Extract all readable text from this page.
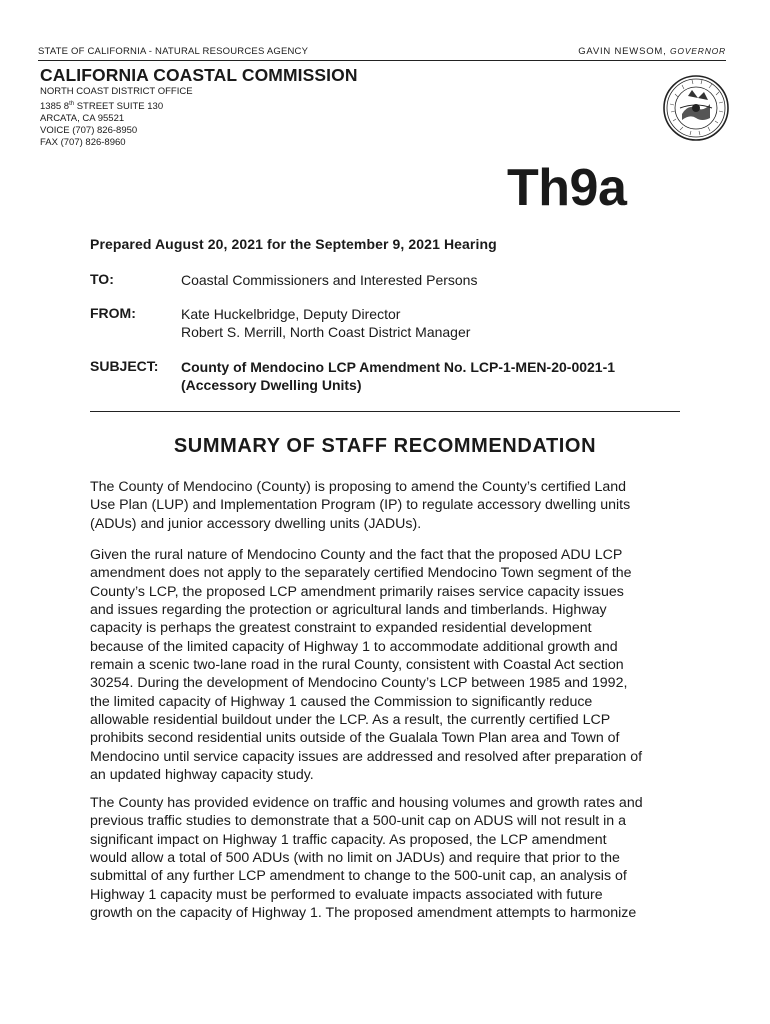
STATE OF CALIFORNIA - NATURAL RESOURCES AGENCY	GAVIN NEWSOM, GOVERNOR
CALIFORNIA COASTAL COMMISSION
NORTH COAST DISTRICT OFFICE
1385 8th STREET SUITE 130
ARCATA, CA 95521
VOICE (707) 826-8950
FAX (707) 826-8960
Th9a
Prepared August 20, 2021 for the September 9, 2021 Hearing
TO:	Coastal Commissioners and Interested Persons
FROM:	Kate Huckelbridge, Deputy Director
Robert S. Merrill, North Coast District Manager
SUBJECT: County of Mendocino LCP Amendment No. LCP-1-MEN-20-0021-1
(Accessory Dwelling Units)
SUMMARY OF STAFF RECOMMENDATION
The County of Mendocino (County) is proposing to amend the County’s certified Land
Use Plan (LUP) and Implementation Program (IP) to regulate accessory dwelling units
(ADUs) and junior accessory dwelling units (JADUs).
Given the rural nature of Mendocino County and the fact that the proposed ADU LCP
amendment does not apply to the separately certified Mendocino Town segment of the
County’s LCP, the proposed LCP amendment primarily raises service capacity issues
and issues regarding the protection or agricultural lands and timberlands. Highway
capacity is perhaps the greatest constraint to expanded residential development
because of the limited capacity of Highway 1 to accommodate additional growth and
remain a scenic two-lane road in the rural County, consistent with Coastal Act section
30254. During the development of Mendocino County’s LCP between 1985 and 1992,
the limited capacity of Highway 1 caused the Commission to significantly reduce
allowable residential buildout under the LCP. As a result, the currently certified LCP
prohibits second residential units outside of the Gualala Town Plan area and Town of
Mendocino until service capacity issues are addressed and resolved after preparation of
an updated highway capacity study.
The County has provided evidence on traffic and housing volumes and growth rates and
previous traffic studies to demonstrate that a 500-unit cap on ADUS will not result in a
significant impact on Highway 1 traffic capacity. As proposed, the LCP amendment
would allow a total of 500 ADUs (with no limit on JADUs) and require that prior to the
submittal of any further LCP amendment to change to the 500-unit cap, an analysis of
Highway 1 capacity must be performed to evaluate impacts associated with future
growth on the capacity of Highway 1. The proposed amendment attempts to harmonize
